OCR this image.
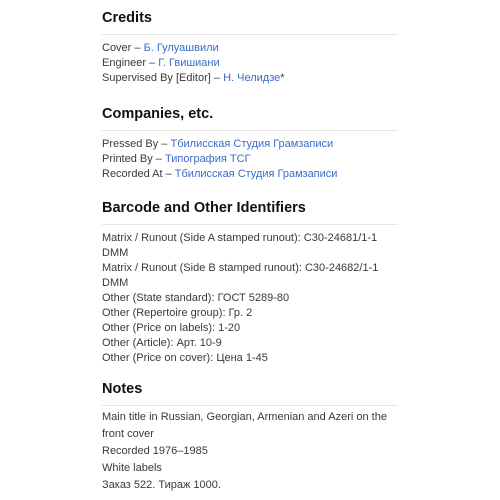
Credits
Cover – Б. Гулуашвили
Engineer – Г. Гвишиани
Supervised By [Editor] – Н. Челидзе*
Companies, etc.
Pressed By – Тбилисская Студия Грамзаписи
Printed By – Типография ТСГ
Recorded At – Тбилисская Студия Грамзаписи
Barcode and Other Identifiers
Matrix / Runout (Side A stamped runout): С30-24681/1-1 DMM
Matrix / Runout (Side B stamped runout): С30-24682/1-1 DMM
Other (State standard): ГОСТ 5289-80
Other (Repertoire group): Гр. 2
Other (Price on labels): 1-20
Other (Article): Арт. 10-9
Other (Price on cover): Цена 1-45
Notes
Main title in Russian, Georgian, Armenian and Azeri on the front cover
Recorded 1976–1985
White labels
Заказ 522. Тираж 1000.
